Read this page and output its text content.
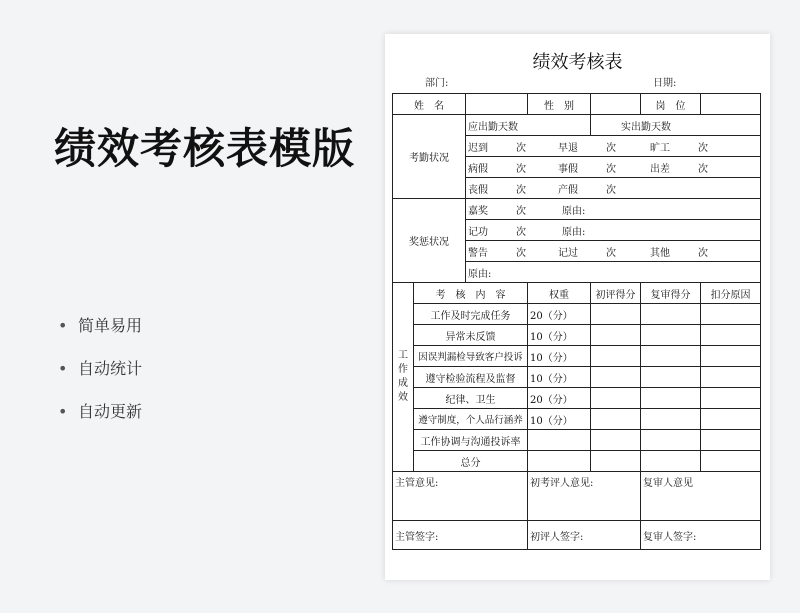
绩效考核表模版
• 简单易用
• 自动统计
• 自动更新
绩效考核表
部门:	日期:
姓　名			性　别		岗　位	
考勤状况		应出勤天数		实出勤天数		
		迟到 次 早退 次 旷工 次				
		病假 次 事假 次 出差 次				
		丧假 次 产假 次				
奖惩状况		嘉奖 次 原由:				
		记功 次 原由:				
		警告 次 记过 次 其他 次				
		原由:				
工作成效	考　核　内　容		权重	初评得分	复审得分	扣分原因
	工作及时完成任务		20（分）			
	异常未反馈		10（分）			
	因误判漏检导致客户投诉		10（分）			
	遵守检验流程及监督		10（分）			
	纪律、卫生		20（分）			
	遵守制度，个人品行涵养		10（分）			
	工作协调与沟通投诉率					
	总分					
主管意见:			初考评人意见:		复审人意见	
主管签字:			初评人签字:		复审人签字:	
